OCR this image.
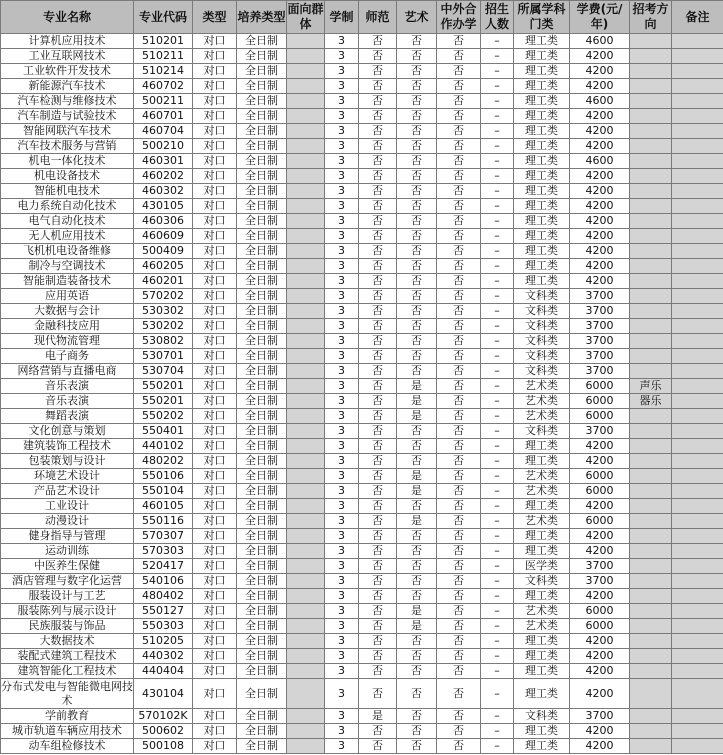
专业名称	专业代码	类型	培养类型	面向群体	学制	师范	艺术	中外合作办学	招生人数	所属学科门类	学费(元/年)	招考方向	备注
计算机应用技术	510201	对口	全日制		3	否	否	否	–	理工类	4600		
工业互联网技术	510211	对口	全日制		3	否	否	否	–	理工类	4200		
工业软件开发技术	510214	对口	全日制		3	否	否	否	–	理工类	4200		
新能源汽车技术	460702	对口	全日制		3	否	否	否	–	理工类	4200		
汽车检测与维修技术	500211	对口	全日制		3	否	否	否	–	理工类	4600		
汽车制造与试验技术	460701	对口	全日制		3	否	否	否	–	理工类	4200		
智能网联汽车技术	460704	对口	全日制		3	否	否	否	–	理工类	4200		
汽车技术服务与营销	500210	对口	全日制		3	否	否	否	–	理工类	4200		
机电一体化技术	460301	对口	全日制		3	否	否	否	–	理工类	4600		
机电设备技术	460202	对口	全日制		3	否	否	否	–	理工类	4200		
智能机电技术	460302	对口	全日制		3	否	否	否	–	理工类	4200		
电力系统自动化技术	430105	对口	全日制		3	否	否	否	–	理工类	4200		
电气自动化技术	460306	对口	全日制		3	否	否	否	–	理工类	4200		
无人机应用技术	460609	对口	全日制		3	否	否	否	–	理工类	4200		
飞机机电设备维修	500409	对口	全日制		3	否	否	否	–	理工类	4200		
制冷与空调技术	460205	对口	全日制		3	否	否	否	–	理工类	4200		
智能制造装备技术	460201	对口	全日制		3	否	否	否	–	理工类	4200		
应用英语	570202	对口	全日制		3	否	否	否	–	文科类	3700		
大数据与会计	530302	对口	全日制		3	否	否	否	–	文科类	3700		
金融科技应用	530202	对口	全日制		3	否	否	否	–	文科类	3700		
现代物流管理	530802	对口	全日制		3	否	否	否	–	文科类	3700		
电子商务	530701	对口	全日制		3	否	否	否	–	文科类	3700		
网络营销与直播电商	530704	对口	全日制		3	否	否	否	–	文科类	3700		
音乐表演	550201	对口	全日制		3	否	是	否	–	艺术类	6000	声乐	
音乐表演	550201	对口	全日制		3	否	是	否	–	艺术类	6000	器乐	
舞蹈表演	550202	对口	全日制		3	否	是	否	–	艺术类	6000		
文化创意与策划	550401	对口	全日制		3	否	否	否	–	文科类	3700		
建筑装饰工程技术	440102	对口	全日制		3	否	否	否	–	理工类	4200		
包装策划与设计	480202	对口	全日制		3	否	否	否	–	理工类	4200		
环境艺术设计	550106	对口	全日制		3	否	是	否	–	艺术类	6000		
产品艺术设计	550104	对口	全日制		3	否	是	否	–	艺术类	6000		
工业设计	460105	对口	全日制		3	否	否	否	–	理工类	4200		
动漫设计	550116	对口	全日制		3	否	是	否	–	艺术类	6000		
健身指导与管理	570307	对口	全日制		3	否	否	否	–	理工类	4200		
运动训练	570303	对口	全日制		3	否	否	否	–	理工类	4200		
中医养生保健	520417	对口	全日制		3	否	否	否	–	医学类	3700		
酒店管理与数字化运营	540106	对口	全日制		3	否	否	否	–	文科类	3700		
服装设计与工艺	480402	对口	全日制		3	否	否	否	–	理工类	4200		
服装陈列与展示设计	550127	对口	全日制		3	否	是	否	–	艺术类	6000		
民族服装与饰品	550303	对口	全日制		3	否	是	否	–	艺术类	6000		
大数据技术	510205	对口	全日制		3	否	否	否	–	理工类	4200		
装配式建筑工程技术	440302	对口	全日制		3	否	否	否	–	理工类	4200		
建筑智能化工程技术	440404	对口	全日制		3	否	否	否	–	理工类	4200		
分布式发电与智能微电网技术	430104	对口	全日制		3	否	否	否	–	理工类	4200		
学前教育	570102K	对口	全日制		3	是	否	否	–	文科类	3700		
城市轨道车辆应用技术	500602	对口	全日制		3	否	否	否	–	理工类	4200		
动车组检修技术	500108	对口	全日制		3	否	否	否	–	理工类	4200		
